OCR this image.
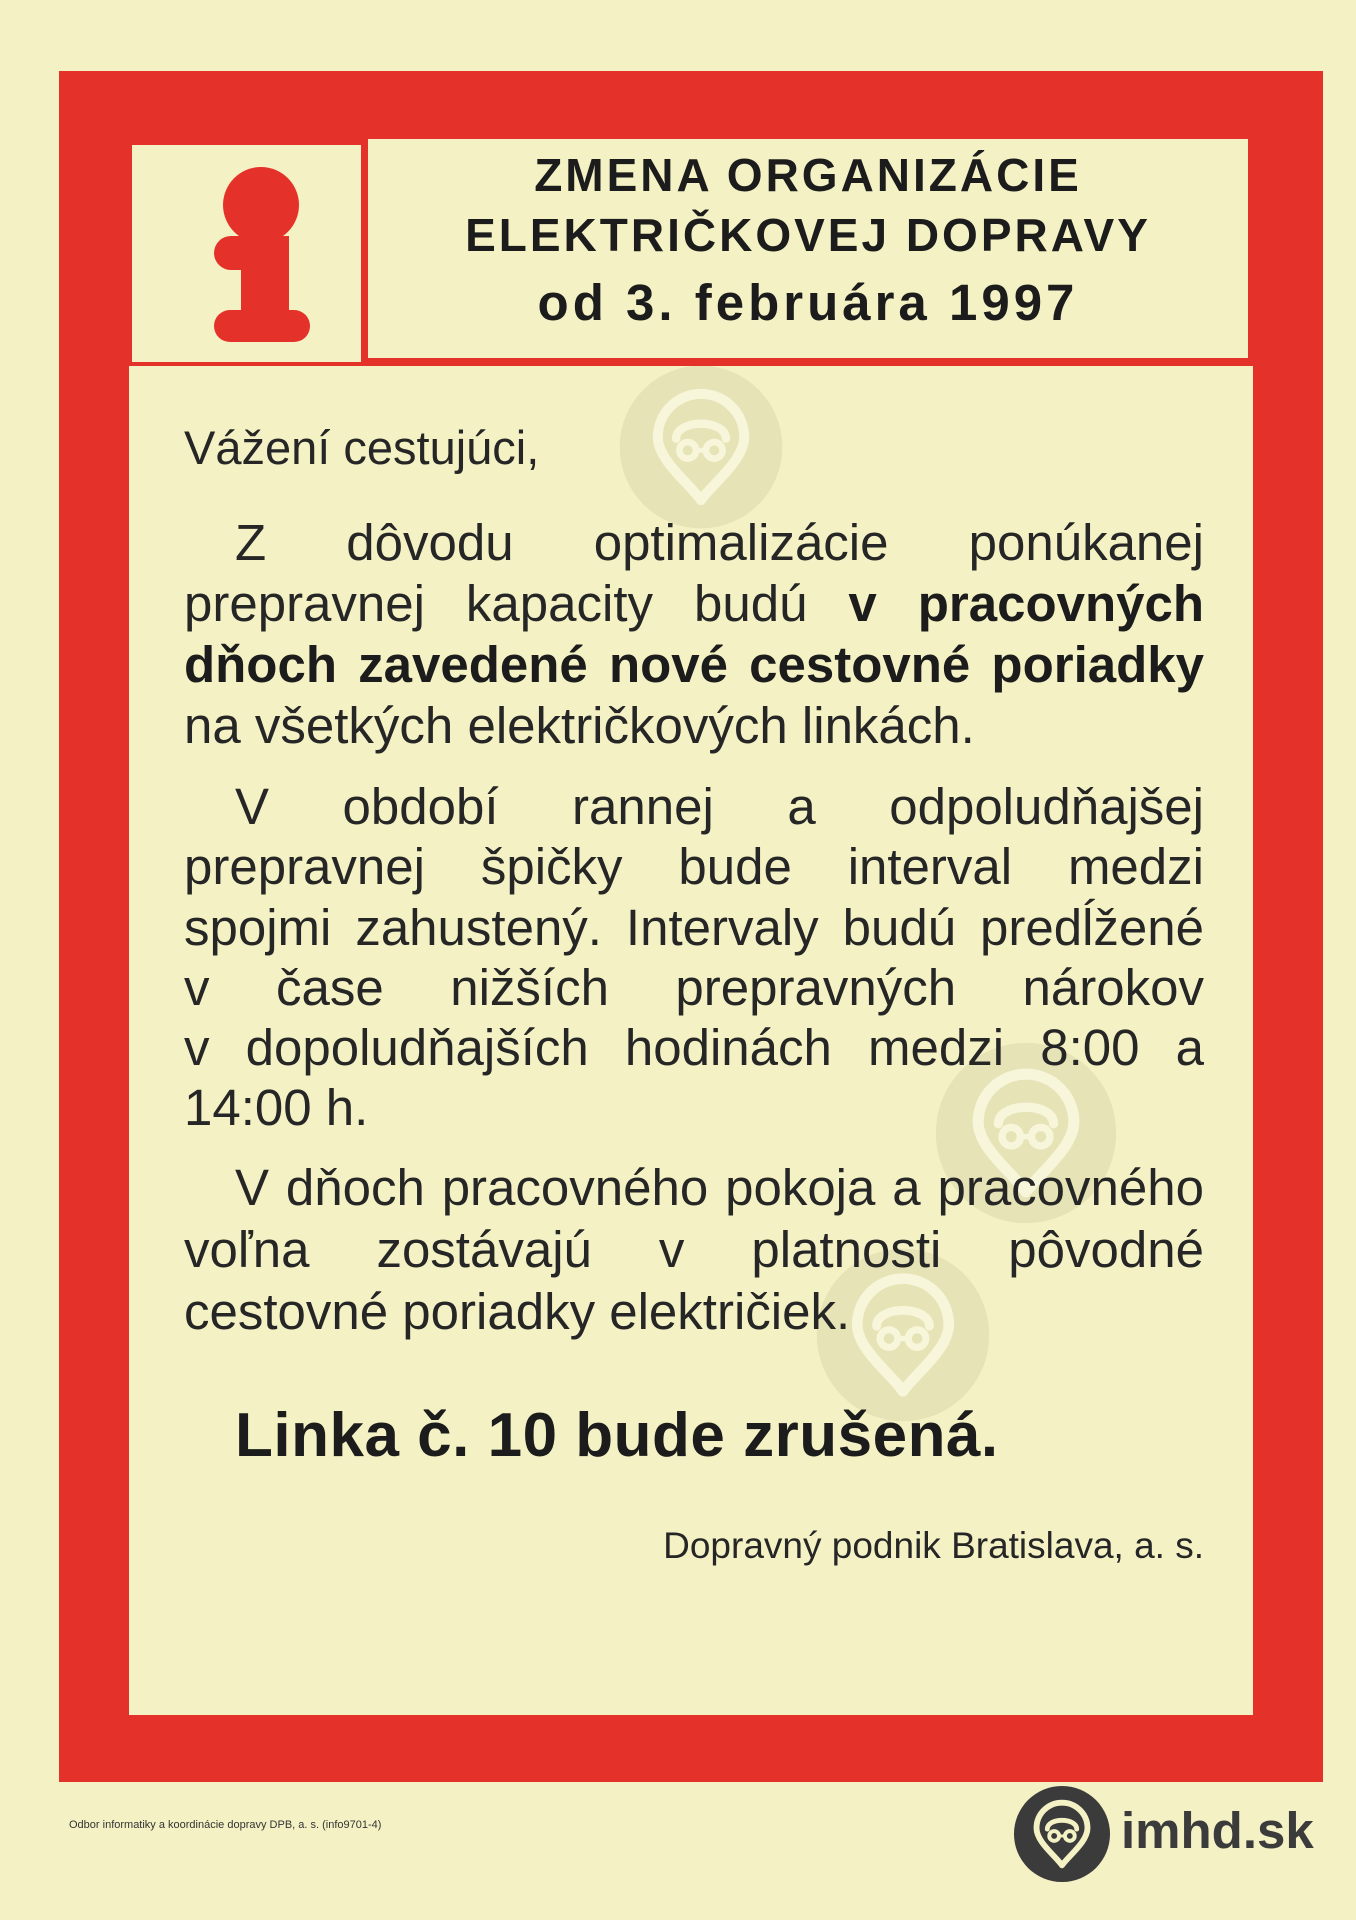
ZMENA ORGANIZÁCIE
ELEKTRIČKOVEJ DOPRAVY
od 3. februára 1997
Vážení cestujúci,
Z dôvodu optimalizácie ponúkanej
prepravnej kapacity budú v pracovných
dňoch zavedené nové cestovné poriadky
na všetkých električkových linkách.
V období rannej a odpoludňajšej
prepravnej špičky bude interval medzi
spojmi zahustený. Intervaly budú predĺžené
v čase nižších prepravných nárokov
v dopoludňajších hodinách medzi 8:00 a
14:00 h.
V dňoch pracovného pokoja a pracovného
voľna zostávajú v platnosti pôvodné
cestovné poriadky električiek.
Linka č. 10 bude zrušená.
Dopravný podnik Bratislava, a. s.
Odbor informatiky a koordinácie dopravy DPB, a. s. (info9701-4)	imhd.sk
